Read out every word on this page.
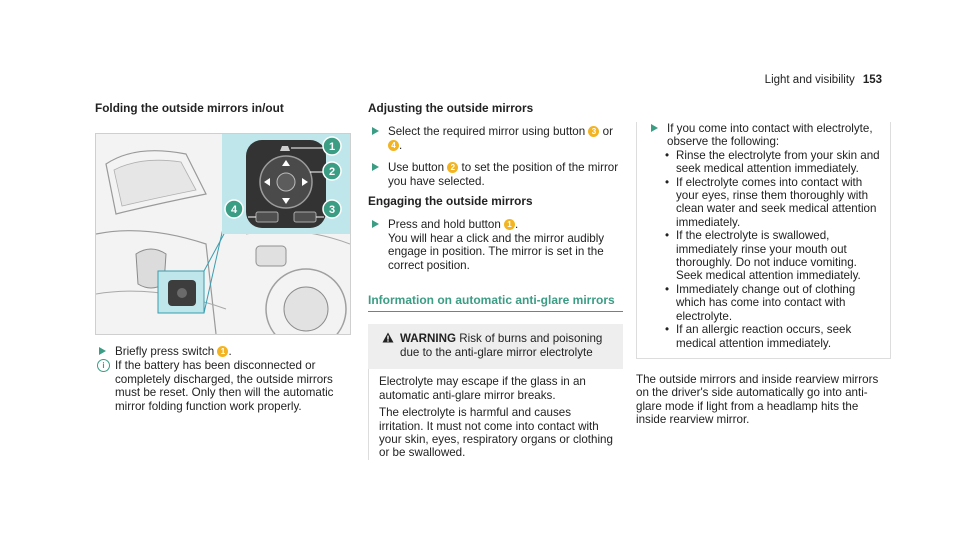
Light and visibility 153
Folding the outside mirrors in/out
1
2
4	3

Briefly press switch 1 .

i If the battery has been disconnected or completely discharged, the outside mirrors must be reset. Only then will the automatic mirror folding function work properly.
Adjusting the outside mirrors

Select the required mirror using button 3 or 4 .

Use button 2 to set the position of the mirror you have selected.

Engaging the outside mirrors

Press and hold button 1 .
You will hear a click and the mirror audibly engage in position. The mirror is set in the correct position.

Information on automatic anti-glare mirrors
WARNING Risk of burns and poisoning due to the anti-glare mirror electrolyte

Electrolyte may escape if the glass in an automatic anti-glare mirror breaks.

The electrolyte is harmful and causes irritation. It must not come into contact with your skin, eyes, respiratory organs or clothing or be swallowed.

If you come into contact with electrolyte, observe the following:

• Rinse the electrolyte from your skin and seek medical attention immediately.
• If electrolyte comes into contact with your eyes, rinse them thoroughly with clean water and seek medical attention immediately.
• If the electrolyte is swallowed, immediately rinse your mouth out thoroughly. Do not induce vomiting. Seek medical attention immediately.
• Immediately change out of clothing which has come into contact with electrolyte.
• If an allergic reaction occurs, seek medical attention immediately.

The outside mirrors and inside rearview mirrors on the driver's side automatically go into anti-glare mode if light from a headlamp hits the inside rearview mirror.
